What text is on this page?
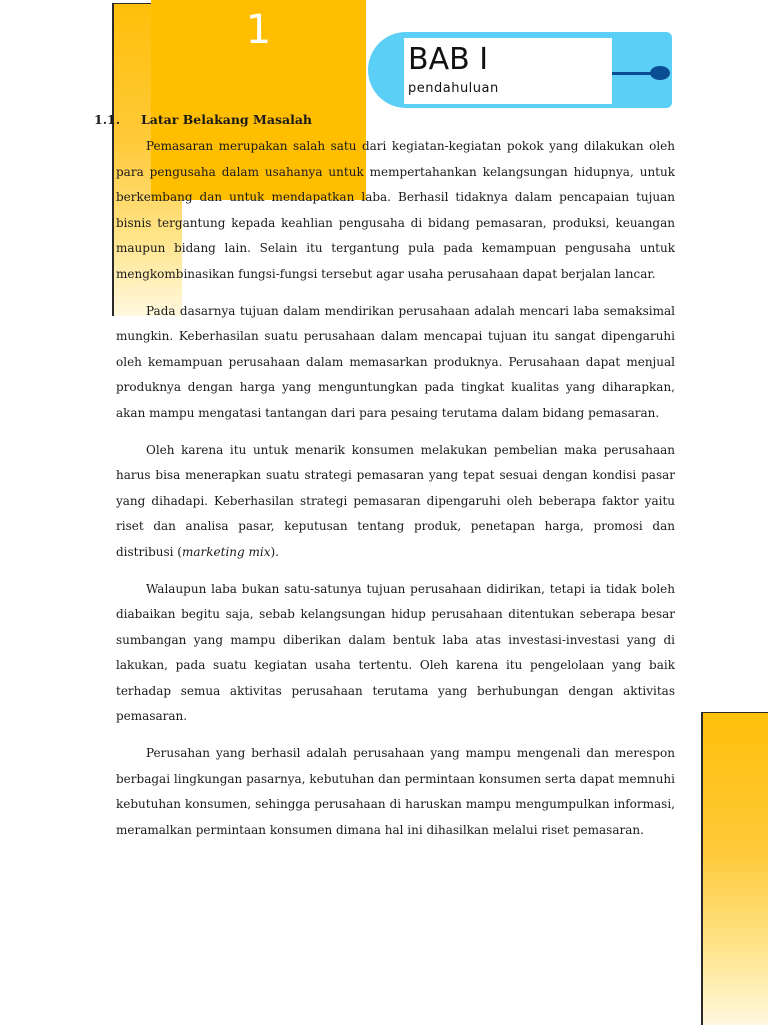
1
BAB I
pendahuluan
1.1. Latar Belakang Masalah

Pemasaran merupakan salah satu dari kegiatan-kegiatan pokok yang dilakukan oleh para pengusaha dalam usahanya untuk mempertahankan kelangsungan hidupnya, untuk berkembang dan untuk mendapatkan laba. Berhasil tidaknya dalam pencapaian tujuan bisnis tergantung kepada keahlian pengusaha di bidang pemasaran, produksi, keuangan maupun bidang lain. Selain itu tergantung pula pada kemampuan pengusaha untuk mengkombinasikan fungsi-fungsi tersebut agar usaha perusahaan dapat berjalan lancar.

Pada dasarnya tujuan dalam mendirikan perusahaan adalah mencari laba semaksimal mungkin. Keberhasilan suatu perusahaan dalam mencapai tujuan itu sangat dipengaruhi oleh kemampuan perusahaan dalam memasarkan produknya. Perusahaan dapat menjual produknya dengan harga yang menguntungkan pada tingkat kualitas yang diharapkan, akan mampu mengatasi tantangan dari para pesaing terutama dalam bidang pemasaran.

Oleh karena itu untuk menarik konsumen melakukan pembelian maka perusahaan harus bisa menerapkan suatu strategi pemasaran yang tepat sesuai dengan kondisi pasar yang dihadapi. Keberhasilan strategi pemasaran dipengaruhi oleh beberapa faktor yaitu riset dan analisa pasar, keputusan tentang produk, penetapan harga, promosi dan distribusi (marketing mix).

Walaupun laba bukan satu-satunya tujuan perusahaan didirikan, tetapi ia tidak boleh diabaikan begitu saja, sebab kelangsungan hidup perusahaan ditentukan seberapa besar sumbangan yang mampu diberikan dalam bentuk laba atas investasi-investasi yang di lakukan, pada suatu kegiatan usaha tertentu. Oleh karena itu pengelolaan yang baik terhadap semua aktivitas perusahaan terutama yang berhubungan dengan aktivitas pemasaran.

Perusahan yang berhasil adalah perusahaan yang mampu mengenali dan merespon berbagai lingkungan pasarnya, kebutuhan dan permintaan konsumen serta dapat memnuhi kebutuhan konsumen, sehingga perusahaan di haruskan mampu mengumpulkan informasi, meramalkan permintaan konsumen dimana hal ini dihasilkan melalui riset pemasaran.
